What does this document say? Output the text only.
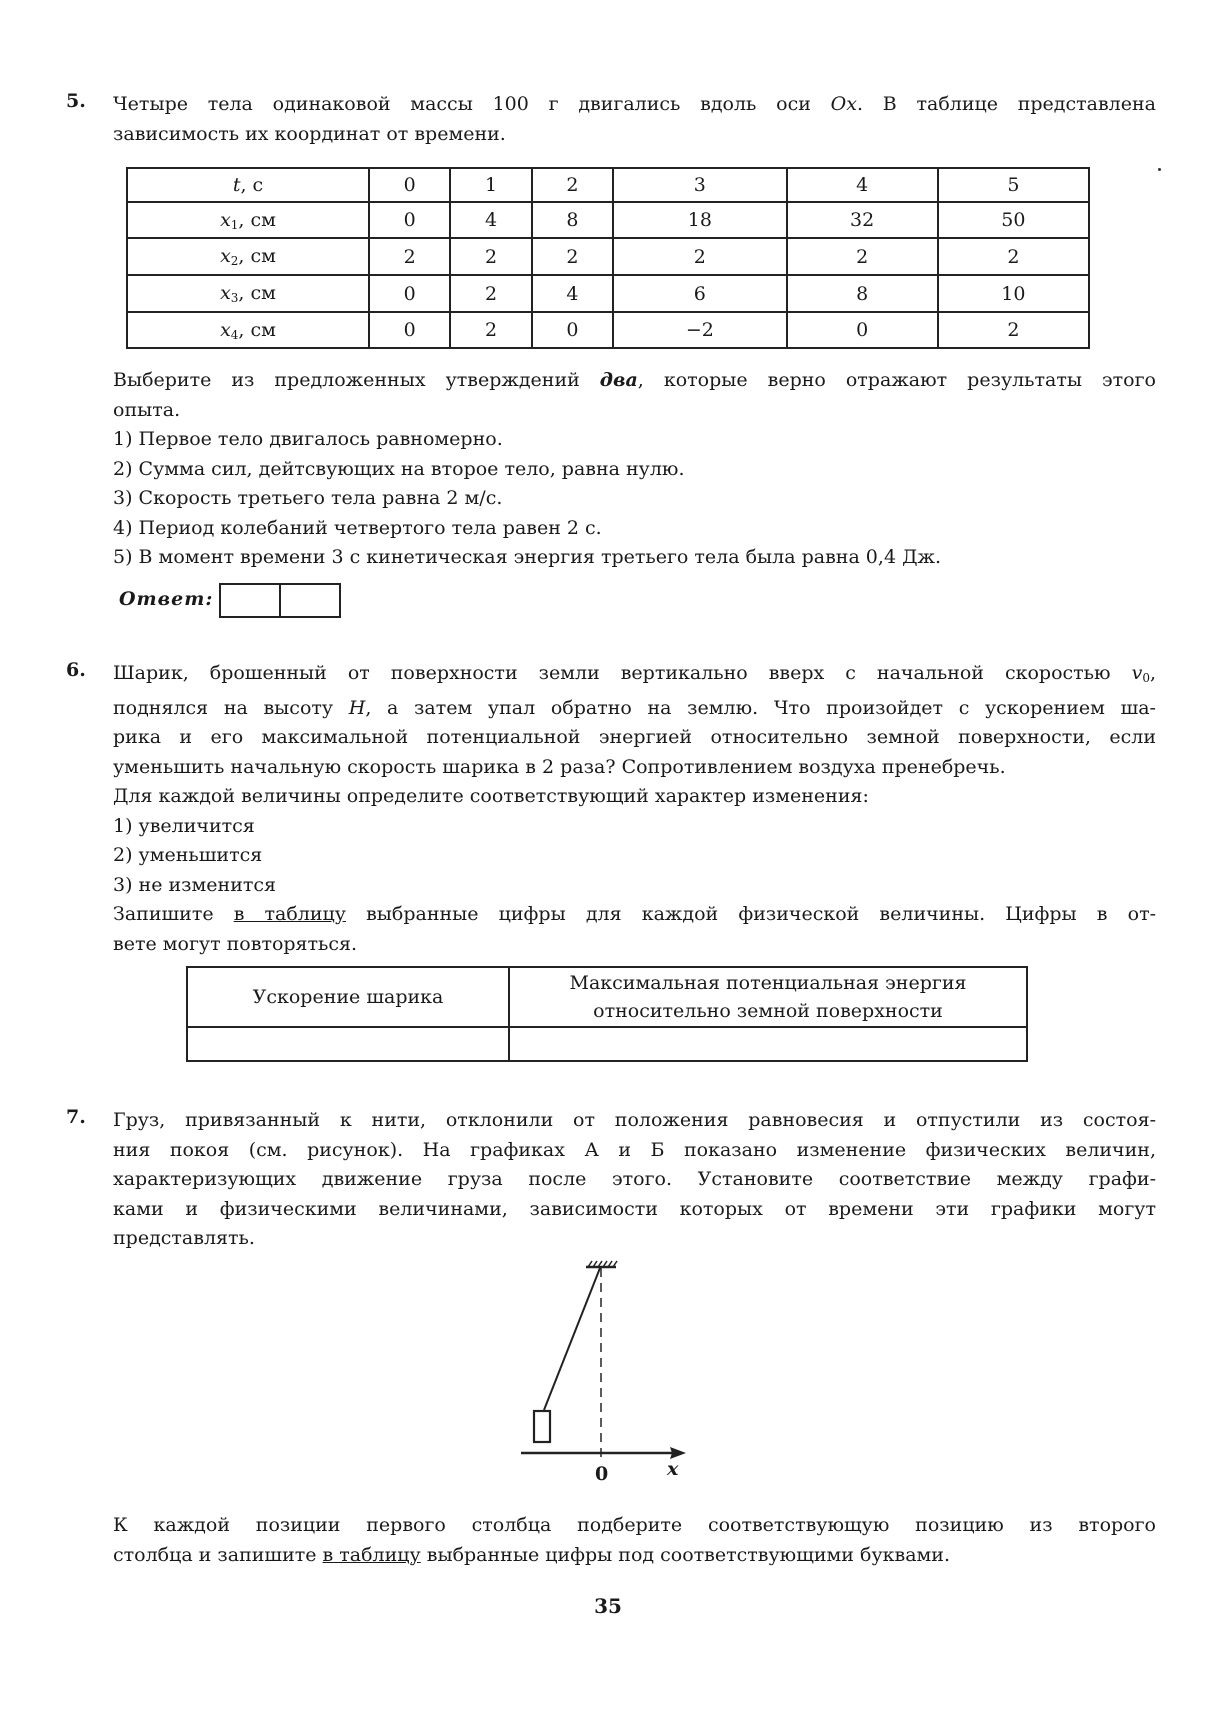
5. Четыре тела одинаковой массы 100 г двигались вдоль оси Ox. В таблице представлена
зависимость их координат от времени.
t, с	0	1	2	3	4	5
$x_1$, см	0	4	8	18	32	50
$x_2$, см	2	2	2	2	2	2
$x_3$, см	0	2	4	6	8	10
$x_4$, см	0	2	0	−2	0	2
Выберите из предложенных утверждений два, которые верно отражают результаты этого
опыта.
1) Первое тело двигалось равномерно.
2) Сумма сил, дейтсвующих на второе тело, равна нулю.
3) Скорость третьего тела равна 2 м/с.
4) Период колебаний четвертого тела равен 2 с.
5) В момент времени 3 с кинетическая энергия третьего тела была равна 0,4 Дж.
Ответ:
6. Шарик, брошенный от поверхности земли вертикально вверх с начальной скоростью $v_0$,
поднялся на высоту H, а затем упал обратно на землю. Что произойдет с ускорением ша-
рика и его максимальной потенциальной энергией относительно земной поверхности, если
уменьшить начальную скорость шарика в 2 раза? Сопротивлением воздуха пренебречь.
Для каждой величины определите соответствующий характер изменения:
1) увеличится
2) уменьшится
3) не изменится
Запишите в таблицу выбранные цифры для каждой физической величины. Цифры в от-
вете могут повторяться.
Ускорение шарика	Максимальная потенциальная энергия
относительно земной поверхности

7. Груз, привязанный к нити, отклонили от положения равновесия и отпустили из состоя-
ния покоя (см. рисунок). На графиках А и Б показано изменение физических величин,
характеризующих движение груза после этого. Установите соответствие между графи-
ками и физическими величинами, зависимости которых от времени эти графики могут
представлять.
0	x
К каждой позиции первого столбца подберите соответствующую позицию из второго
столбца и запишите в таблицу выбранные цифры под соответствующими буквами.
35
